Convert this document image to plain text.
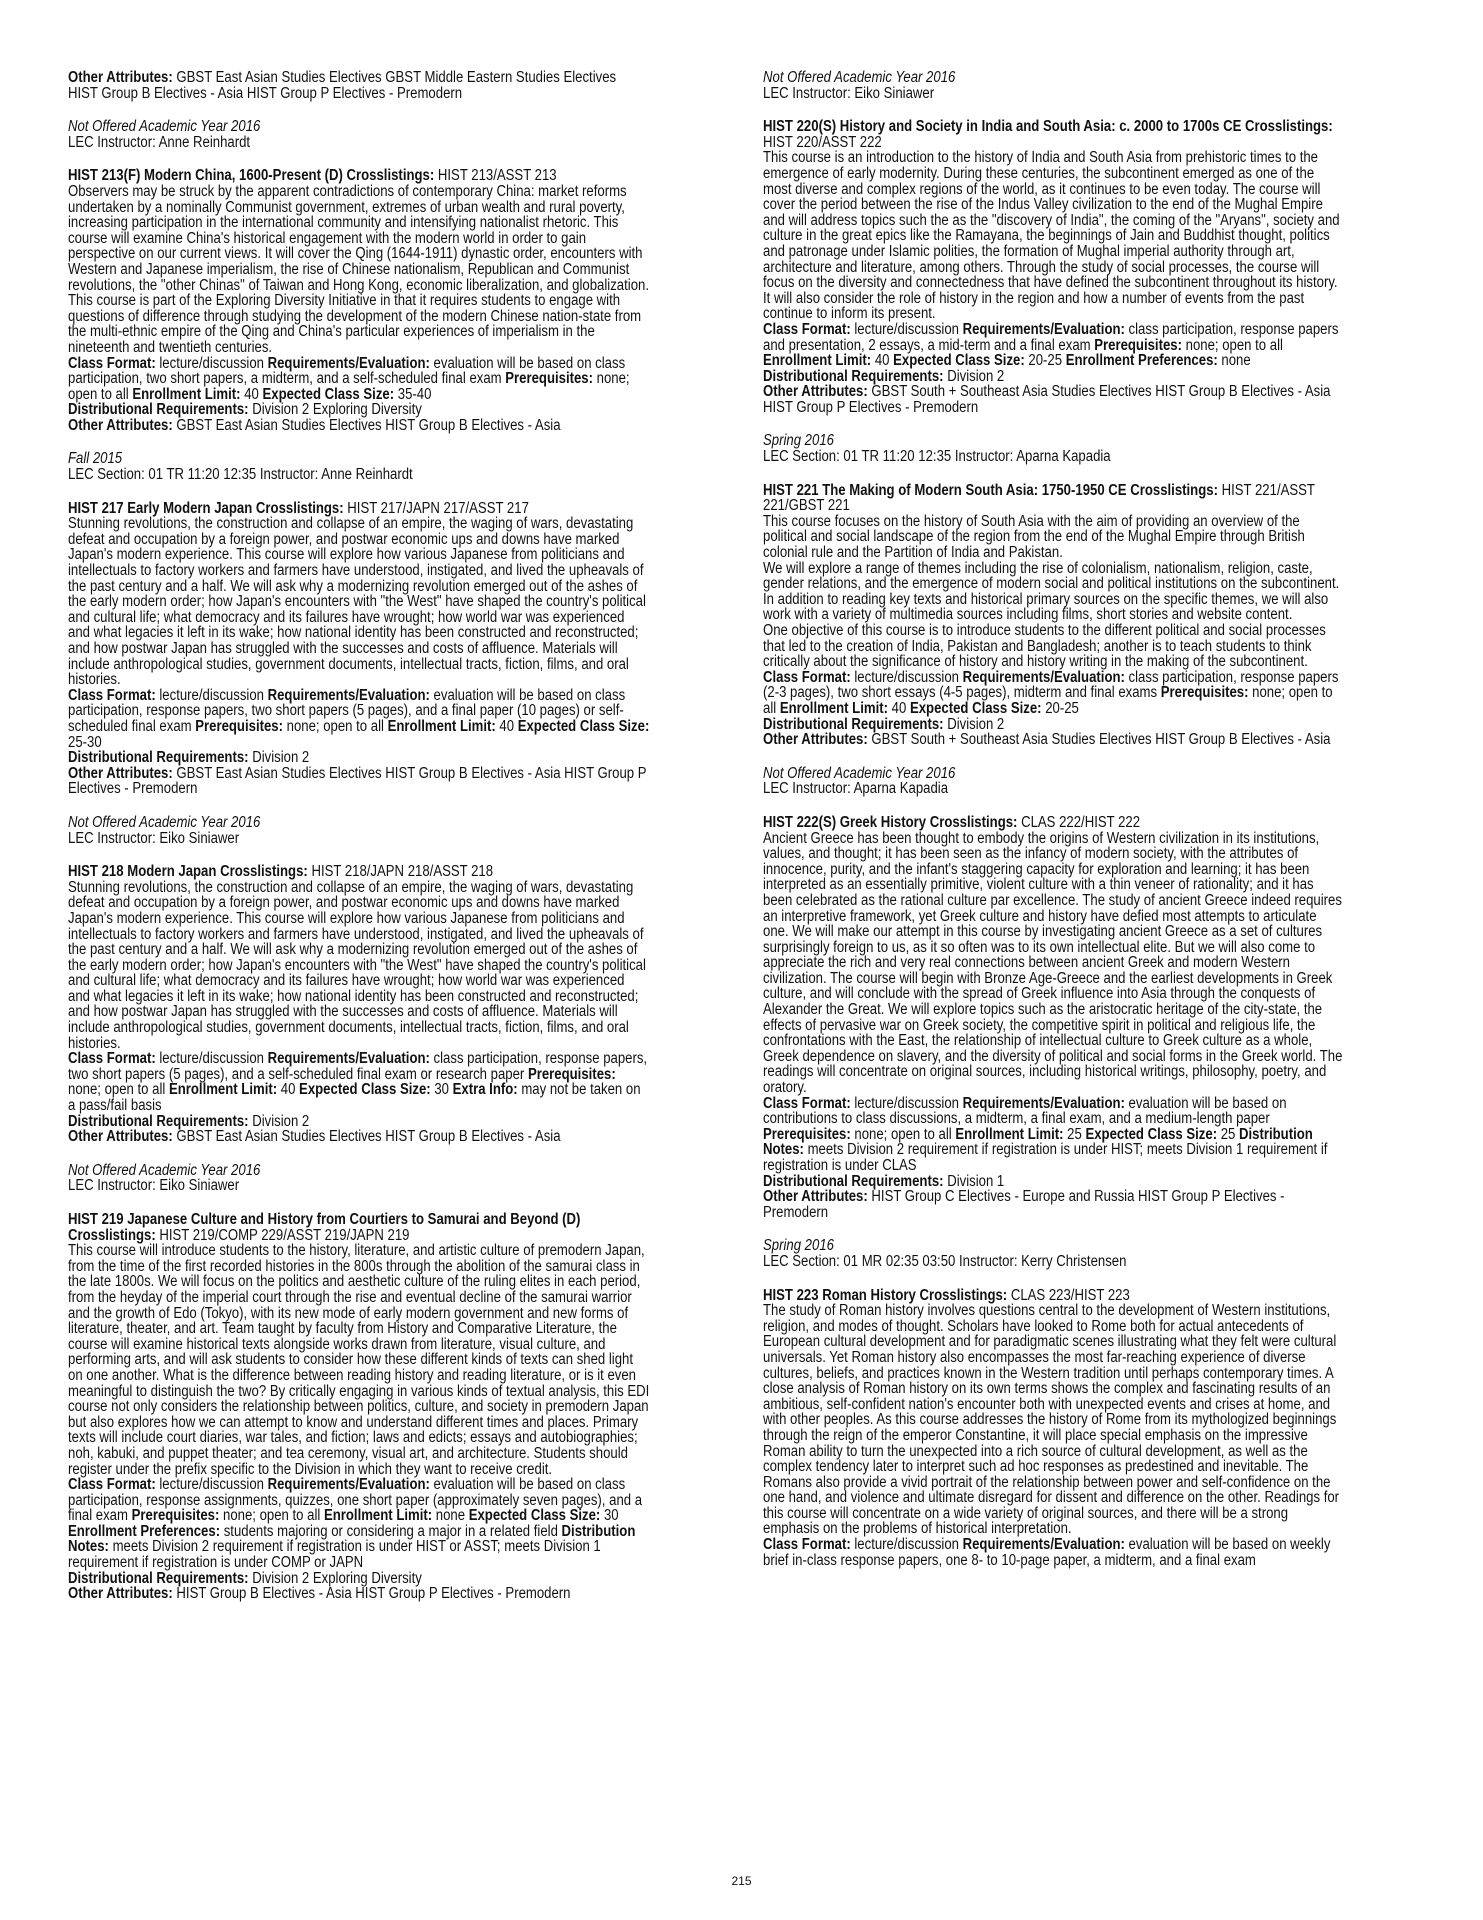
Other Attributes: GBST East Asian Studies Electives GBST Middle Eastern Studies Electives HIST Group B Electives - Asia HIST Group P Electives - Premodern

Not Offered Academic Year 2016

LEC Instructor: Anne Reinhardt

HIST 213(F) Modern China, 1600-Present (D) Crosslistings: HIST 213/ASST 213

Observers may be struck by the apparent contradictions of contemporary China: market reforms undertaken by a nominally Communist government, extremes of urban wealth and rural poverty, increasing participation in the international community and intensifying nationalist rhetoric. This course will examine China's historical engagement with the modern world in order to gain perspective on our current views. It will cover the Qing (1644-1911) dynastic order, encounters with Western and Japanese imperialism, the rise of Chinese nationalism, Republican and Communist revolutions, the "other Chinas" of Taiwan and Hong Kong, economic liberalization, and globalization. This course is part of the Exploring Diversity Initiative in that it requires students to engage with questions of difference through studying the development of the modern Chinese nation-state from the multi-ethnic empire of the Qing and China's particular experiences of imperialism in the nineteenth and twentieth centuries.

Class Format: lecture/discussion Requirements/Evaluation: evaluation will be based on class participation, two short papers, a midterm, and a self-scheduled final exam Prerequisites: none; open to all Enrollment Limit: 40 Expected Class Size: 35-40

Distributional Requirements: Division 2 Exploring Diversity

Other Attributes: GBST East Asian Studies Electives HIST Group B Electives - Asia

Fall 2015

LEC Section: 01 TR 11:20 12:35 Instructor: Anne Reinhardt

HIST 217 Early Modern Japan Crosslistings: HIST 217/JAPN 217/ASST 217

Stunning revolutions, the construction and collapse of an empire, the waging of wars, devastating defeat and occupation by a foreign power, and postwar economic ups and downs have marked Japan's modern experience. This course will explore how various Japanese from politicians and intellectuals to factory workers and farmers have understood, instigated, and lived the upheavals of the past century and a half. We will ask why a modernizing revolution emerged out of the ashes of the early modern order; how Japan's encounters with "the West" have shaped the country's political and cultural life; what democracy and its failures have wrought; how world war was experienced and what legacies it left in its wake; how national identity has been constructed and reconstructed; and how postwar Japan has struggled with the successes and costs of affluence. Materials will include anthropological studies, government documents, intellectual tracts, fiction, films, and oral histories.

Class Format: lecture/discussion Requirements/Evaluation: evaluation will be based on class participation, response papers, two short papers (5 pages), and a final paper (10 pages) or self-scheduled final exam Prerequisites: none; open to all Enrollment Limit: 40 Expected Class Size: 25-30

Distributional Requirements: Division 2

Other Attributes: GBST East Asian Studies Electives HIST Group B Electives - Asia HIST Group P Electives - Premodern

Not Offered Academic Year 2016

LEC Instructor: Eiko Siniawer

HIST 218 Modern Japan Crosslistings: HIST 218/JAPN 218/ASST 218

Stunning revolutions, the construction and collapse of an empire, the waging of wars, devastating defeat and occupation by a foreign power, and postwar economic ups and downs have marked Japan's modern experience. This course will explore how various Japanese from politicians and intellectuals to factory workers and farmers have understood, instigated, and lived the upheavals of the past century and a half. We will ask why a modernizing revolution emerged out of the ashes of the early modern order; how Japan's encounters with "the West" have shaped the country's political and cultural life; what democracy and its failures have wrought; how world war was experienced and what legacies it left in its wake; how national identity has been constructed and reconstructed; and how postwar Japan has struggled with the successes and costs of affluence. Materials will include anthropological studies, government documents, intellectual tracts, fiction, films, and oral histories.

Class Format: lecture/discussion Requirements/Evaluation: class participation, response papers, two short papers (5 pages), and a self-scheduled final exam or research paper Prerequisites: none; open to all Enrollment Limit: 40 Expected Class Size: 30 Extra Info: may not be taken on a pass/fail basis

Distributional Requirements: Division 2

Other Attributes: GBST East Asian Studies Electives HIST Group B Electives - Asia

Not Offered Academic Year 2016

LEC Instructor: Eiko Siniawer

HIST 219 Japanese Culture and History from Courtiers to Samurai and Beyond (D) Crosslistings: HIST 219/COMP 229/ASST 219/JAPN 219

This course will introduce students to the history, literature, and artistic culture of premodern Japan, from the time of the first recorded histories in the 800s through the abolition of the samurai class in the late 1800s. We will focus on the politics and aesthetic culture of the ruling elites in each period, from the heyday of the imperial court through the rise and eventual decline of the samurai warrior and the growth of Edo (Tokyo), with its new mode of early modern government and new forms of literature, theater, and art. Team taught by faculty from History and Comparative Literature, the course will examine historical texts alongside works drawn from literature, visual culture, and performing arts, and will ask students to consider how these different kinds of texts can shed light on one another. What is the difference between reading history and reading literature, or is it even meaningful to distinguish the two? By critically engaging in various kinds of textual analysis, this EDI course not only considers the relationship between politics, culture, and society in premodern Japan but also explores how we can attempt to know and understand different times and places. Primary texts will include court diaries, war tales, and fiction; laws and edicts; essays and autobiographies; noh, kabuki, and puppet theater; and tea ceremony, visual art, and architecture. Students should register under the prefix specific to the Division in which they want to receive credit.

Class Format: lecture/discussion Requirements/Evaluation: evaluation will be based on class participation, response assignments, quizzes, one short paper (approximately seven pages), and a final exam Prerequisites: none; open to all Enrollment Limit: none Expected Class Size: 30 Enrollment Preferences: students majoring or considering a major in a related field Distribution Notes: meets Division 2 requirement if registration is under HIST or ASST; meets Division 1 requirement if registration is under COMP or JAPN

Distributional Requirements: Division 2 Exploring Diversity

Other Attributes: HIST Group B Electives - Asia HIST Group P Electives - Premodern

Not Offered Academic Year 2016

LEC Instructor: Eiko Siniawer

HIST 220(S) History and Society in India and South Asia: c. 2000 to 1700s CE Crosslistings: HIST 220/ASST 222

This course is an introduction to the history of India and South Asia from prehistoric times to the emergence of early modernity. During these centuries, the subcontinent emerged as one of the most diverse and complex regions of the world, as it continues to be even today. The course will cover the period between the rise of the Indus Valley civilization to the end of the Mughal Empire and will address topics such the as the "discovery of India", the coming of the "Aryans", society and culture in the great epics like the Ramayana, the beginnings of Jain and Buddhist thought, politics and patronage under Islamic polities, the formation of Mughal imperial authority through art, architecture and literature, among others. Through the study of social processes, the course will focus on the diversity and connectedness that have defined the subcontinent throughout its history. It will also consider the role of history in the region and how a number of events from the past continue to inform its present.

Class Format: lecture/discussion Requirements/Evaluation: class participation, response papers and presentation, 2 essays, a mid-term and a final exam Prerequisites: none; open to all Enrollment Limit: 40 Expected Class Size: 20-25 Enrollment Preferences: none

Distributional Requirements: Division 2

Other Attributes: GBST South + Southeast Asia Studies Electives HIST Group B Electives - Asia HIST Group P Electives - Premodern

Spring 2016

LEC Section: 01 TR 11:20 12:35 Instructor: Aparna Kapadia

HIST 221 The Making of Modern South Asia: 1750-1950 CE Crosslistings: HIST 221/ASST 221/GBST 221

This course focuses on the history of South Asia with the aim of providing an overview of the political and social landscape of the region from the end of the Mughal Empire through British colonial rule and the Partition of India and Pakistan.

We will explore a range of themes including the rise of colonialism, nationalism, religion, caste, gender relations, and the emergence of modern social and political institutions on the subcontinent. In addition to reading key texts and historical primary sources on the specific themes, we will also work with a variety of multimedia sources including films, short stories and website content.

One objective of this course is to introduce students to the different political and social processes that led to the creation of India, Pakistan and Bangladesh; another is to teach students to think critically about the significance of history and history writing in the making of the subcontinent.

Class Format: lecture/discussion Requirements/Evaluation: class participation, response papers (2-3 pages), two short essays (4-5 pages), midterm and final exams Prerequisites: none; open to all Enrollment Limit: 40 Expected Class Size: 20-25

Distributional Requirements: Division 2

Other Attributes: GBST South + Southeast Asia Studies Electives HIST Group B Electives - Asia

Not Offered Academic Year 2016

LEC Instructor: Aparna Kapadia

HIST 222(S) Greek History Crosslistings: CLAS 222/HIST 222

Ancient Greece has been thought to embody the origins of Western civilization in its institutions, values, and thought; it has been seen as the infancy of modern society, with the attributes of innocence, purity, and the infant's staggering capacity for exploration and learning; it has been interpreted as an essentially primitive, violent culture with a thin veneer of rationality; and it has been celebrated as the rational culture par excellence. The study of ancient Greece indeed requires an interpretive framework, yet Greek culture and history have defied most attempts to articulate one. We will make our attempt in this course by investigating ancient Greece as a set of cultures surprisingly foreign to us, as it so often was to its own intellectual elite. But we will also come to appreciate the rich and very real connections between ancient Greek and modern Western civilization. The course will begin with Bronze Age-Greece and the earliest developments in Greek culture, and will conclude with the spread of Greek influence into Asia through the conquests of Alexander the Great. We will explore topics such as the aristocratic heritage of the city-state, the effects of pervasive war on Greek society, the competitive spirit in political and religious life, the confrontations with the East, the relationship of intellectual culture to Greek culture as a whole, Greek dependence on slavery, and the diversity of political and social forms in the Greek world. The readings will concentrate on original sources, including historical writings, philosophy, poetry, and oratory.

Class Format: lecture/discussion Requirements/Evaluation: evaluation will be based on contributions to class discussions, a midterm, a final exam, and a medium-length paper Prerequisites: none; open to all Enrollment Limit: 25 Expected Class Size: 25 Distribution Notes: meets Division 2 requirement if registration is under HIST; meets Division 1 requirement if registration is under CLAS

Distributional Requirements: Division 1

Other Attributes: HIST Group C Electives - Europe and Russia HIST Group P Electives - Premodern

Spring 2016

LEC Section: 01 MR 02:35 03:50 Instructor: Kerry Christensen

HIST 223 Roman History Crosslistings: CLAS 223/HIST 223

The study of Roman history involves questions central to the development of Western institutions, religion, and modes of thought. Scholars have looked to Rome both for actual antecedents of European cultural development and for paradigmatic scenes illustrating what they felt were cultural universals. Yet Roman history also encompasses the most far-reaching experience of diverse cultures, beliefs, and practices known in the Western tradition until perhaps contemporary times. A close analysis of Roman history on its own terms shows the complex and fascinating results of an ambitious, self-confident nation's encounter both with unexpected events and crises at home, and with other peoples. As this course addresses the history of Rome from its mythologized beginnings through the reign of the emperor Constantine, it will place special emphasis on the impressive Roman ability to turn the unexpected into a rich source of cultural development, as well as the complex tendency later to interpret such ad hoc responses as predestined and inevitable. The Romans also provide a vivid portrait of the relationship between power and self-confidence on the one hand, and violence and ultimate disregard for dissent and difference on the other. Readings for this course will concentrate on a wide variety of original sources, and there will be a strong emphasis on the problems of historical interpretation.

Class Format: lecture/discussion Requirements/Evaluation: evaluation will be based on weekly brief in-class response papers, one 8- to 10-page paper, a midterm, and a final exam

215
